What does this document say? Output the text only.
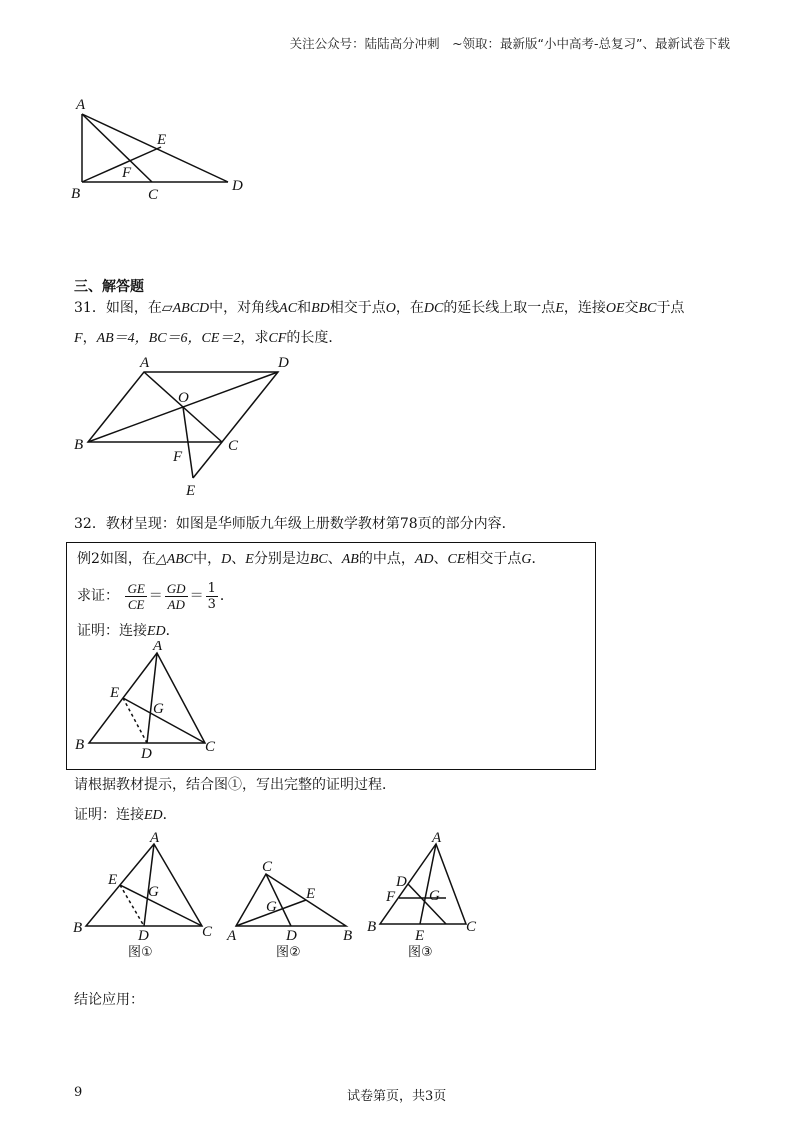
关注公众号：陆陆高分冲刺　~领取：最新版“小中高考-总复习”、最新试卷下载
A
E
F
B	C
D
三、解答题
31．如图，在▱ABCD中，对角线AC和BD相交于点O，在DC的延长线上取一点E，连接OE交BC于点
F，AB＝4，BC＝6，CE＝2，求CF的长度．
A	D
O
B	C
F
E
32．教材呈现：如图是华师版九年级上册数学教材第78页的部分内容．
例2如图，在△ABC中，D、E分别是边BC、AB的中点，AD、CE相交于点G．
求证： $\frac{GE}{CE} = \frac{GD}{AD} = \frac{1}{3}$ ．
证明：连接ED．
A
E
G
B
D	C
请根据教材提示，结合图①，写出完整的证明过程．
证明：连接ED．
A
E
G
B	D	C
图①
C
E
G
A	D	B
图②
A
D
F G
B
E
C
图③
结论应用：
9	试卷第页，共3页
